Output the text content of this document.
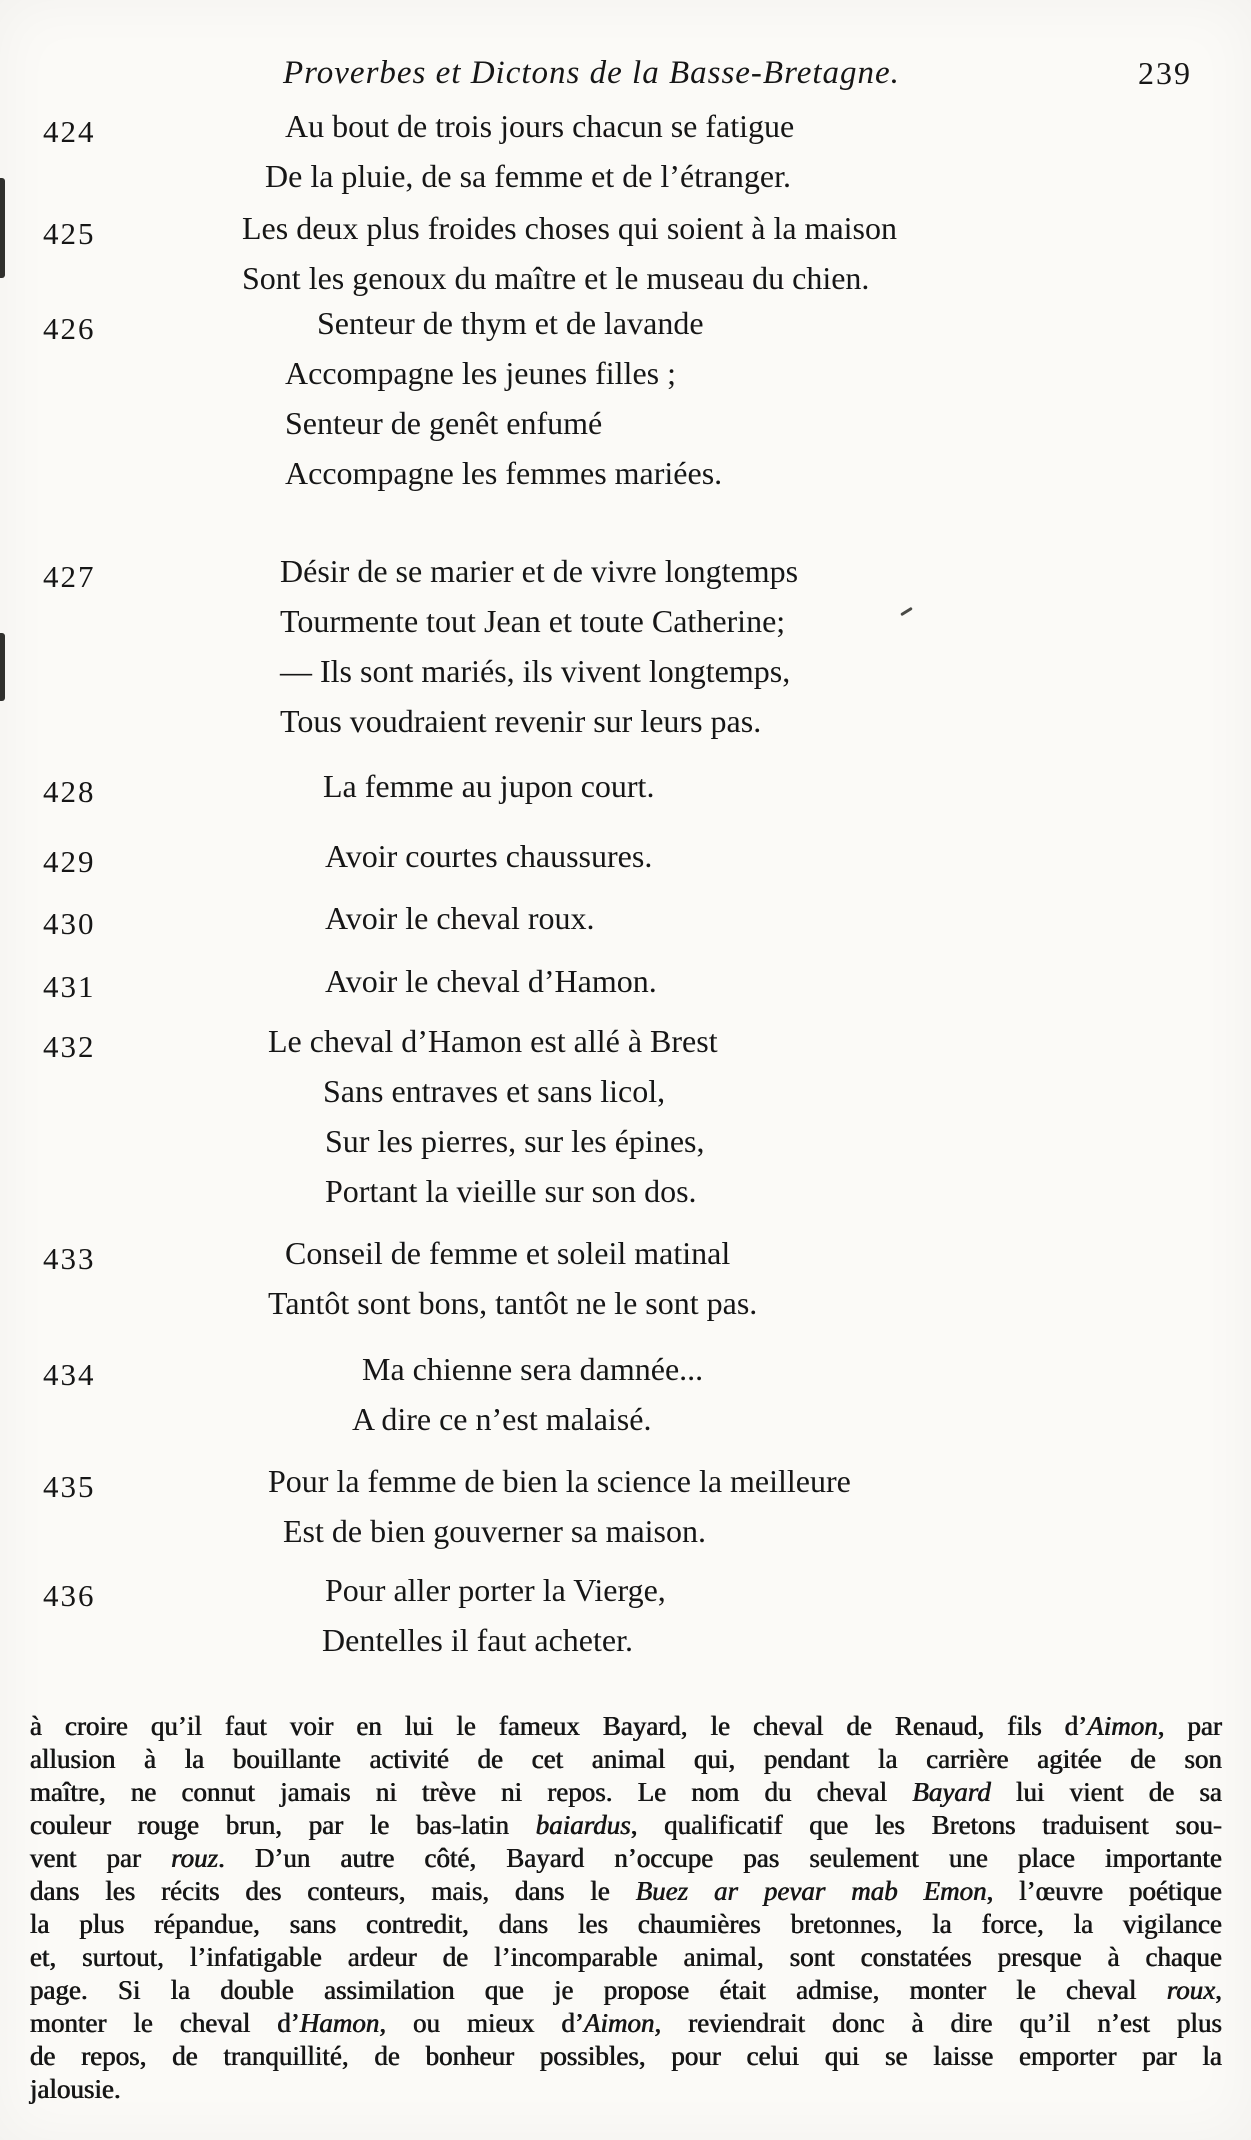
Proverbes et Dictons de la Basse-Bretagne.	239
424	Au bout de trois jours chacun se fatigue
De la pluie, de sa femme et de l’étranger.
425	Les deux plus froides choses qui soient à la maison
Sont les genoux du maître et le museau du chien.
426	Senteur de thym et de lavande
Accompagne les jeunes filles ;
Senteur de genêt enfumé
Accompagne les femmes mariées.
427	Désir de se marier et de vivre longtemps
Tourmente tout Jean et toute Catherine;
— Ils sont mariés, ils vivent longtemps,
Tous voudraient revenir sur leurs pas.
428	La femme au jupon court.
429	Avoir courtes chaussures.
430	Avoir le cheval roux.
431	Avoir le cheval d’Hamon.
432	Le cheval d’Hamon est allé à Brest
Sans entraves et sans licol,
Sur les pierres, sur les épines,
Portant la vieille sur son dos.
433	Conseil de femme et soleil matinal
Tantôt sont bons, tantôt ne le sont pas.
434	Ma chienne sera damnée...
A dire ce n’est malaisé.
435	Pour la femme de bien la science la meilleure
Est de bien gouverner sa maison.
436	Pour aller porter la Vierge,
Dentelles il faut acheter.
à croire qu’il faut voir en lui le fameux Bayard, le cheval de Renaud, fils d’Aimon, par
allusion à la bouillante activité de cet animal qui, pendant la carrière agitée de son
maître, ne connut jamais ni trève ni repos. Le nom du cheval Bayard lui vient de sa
couleur rouge brun, par le bas-latin baiardus, qualificatif que les Bretons traduisent sou-
vent par rouz. D’un autre côté, Bayard n’occupe pas seulement une place importante
dans les récits des conteurs, mais, dans le Buez ar pevar mab Emon, l’œuvre poétique
la plus répandue, sans contredit, dans les chaumières bretonnes, la force, la vigilance
et, surtout, l’infatigable ardeur de l’incomparable animal, sont constatées presque à chaque
page. Si la double assimilation que je propose était admise, monter le cheval roux,
monter le cheval d’Hamon, ou mieux d’Aimon, reviendrait donc à dire qu’il n’est plus
de repos, de tranquillité, de bonheur possibles, pour celui qui se laisse emporter par la
jalousie.
